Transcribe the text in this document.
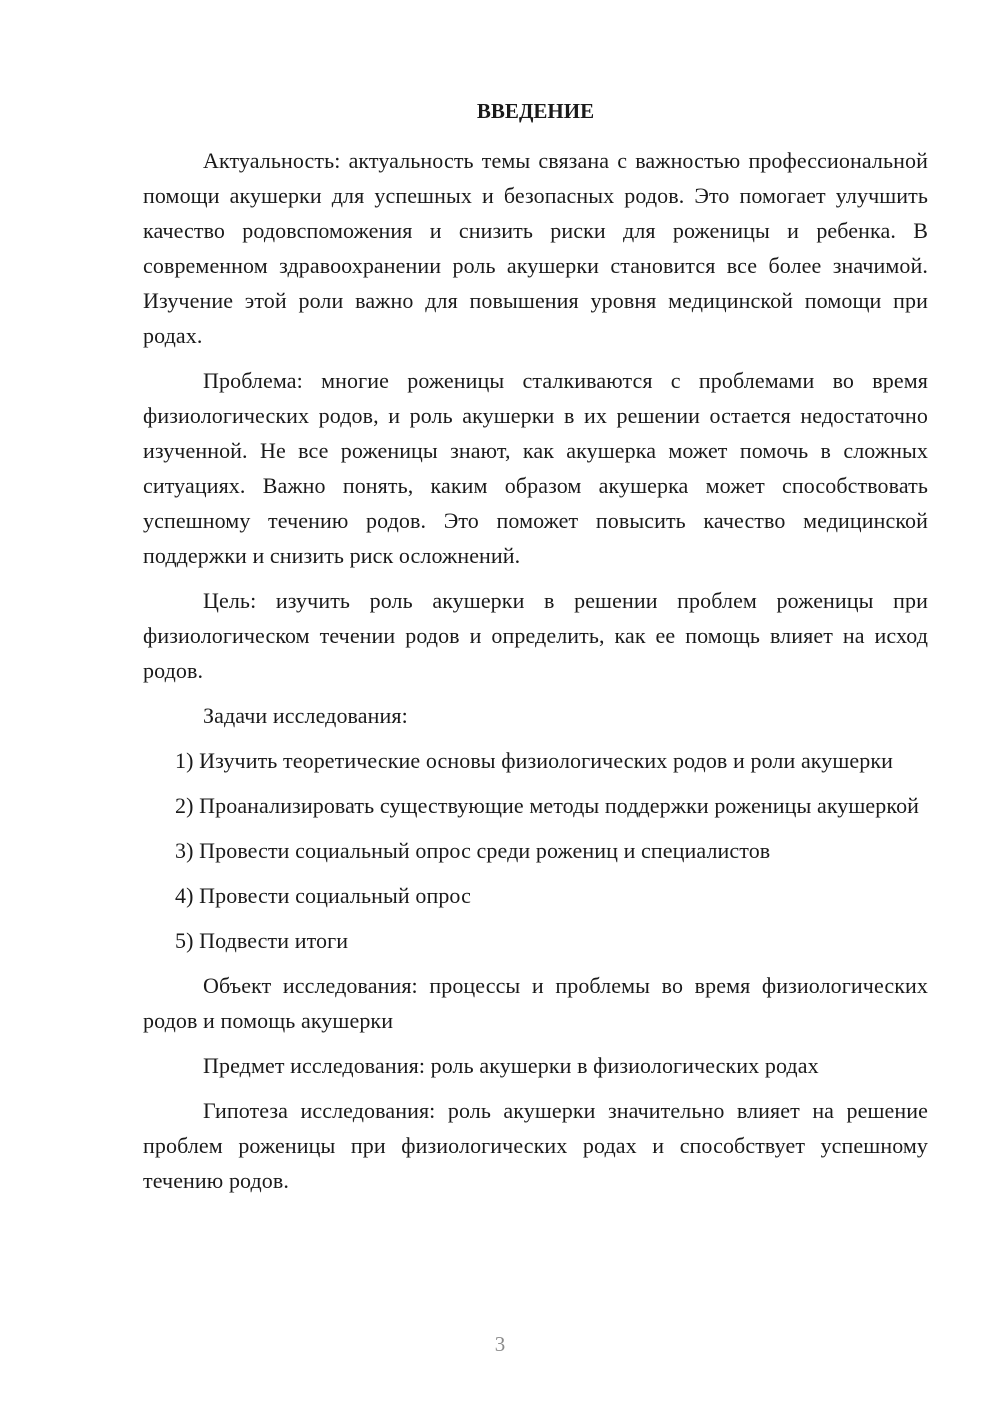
ВВЕДЕНИЕ

Актуальность: актуальность темы связана с важностью профессиональной помощи акушерки для успешных и безопасных родов. Это помогает улучшить качество родовспоможения и снизить риски для роженицы и ребенка. В современном здравоохранении роль акушерки становится все более значимой. Изучение этой роли важно для повышения уровня медицинской помощи при родах.

Проблема: многие роженицы сталкиваются с проблемами во время физиологических родов, и роль акушерки в их решении остается недостаточно изученной. Не все роженицы знают, как акушерка может помочь в сложных ситуациях. Важно понять, каким образом акушерка может способствовать успешному течению родов. Это поможет повысить качество медицинской поддержки и снизить риск осложнений.

Цель: изучить роль акушерки в решении проблем роженицы при физиологическом течении родов и определить, как ее помощь влияет на исход родов.

Задачи исследования:

1) Изучить теоретические основы физиологических родов и роли акушерки

2) Проанализировать существующие методы поддержки роженицы акушеркой

3) Провести социальный опрос среди рожениц и специалистов

4) Провести социальный опрос

5) Подвести итоги

Объект исследования: процессы и проблемы во время физиологических родов и помощь акушерки

Предмет исследования: роль акушерки в физиологических родах

Гипотеза исследования: роль акушерки значительно влияет на решение проблем роженицы при физиологических родах и способствует успешному течению родов.

3
